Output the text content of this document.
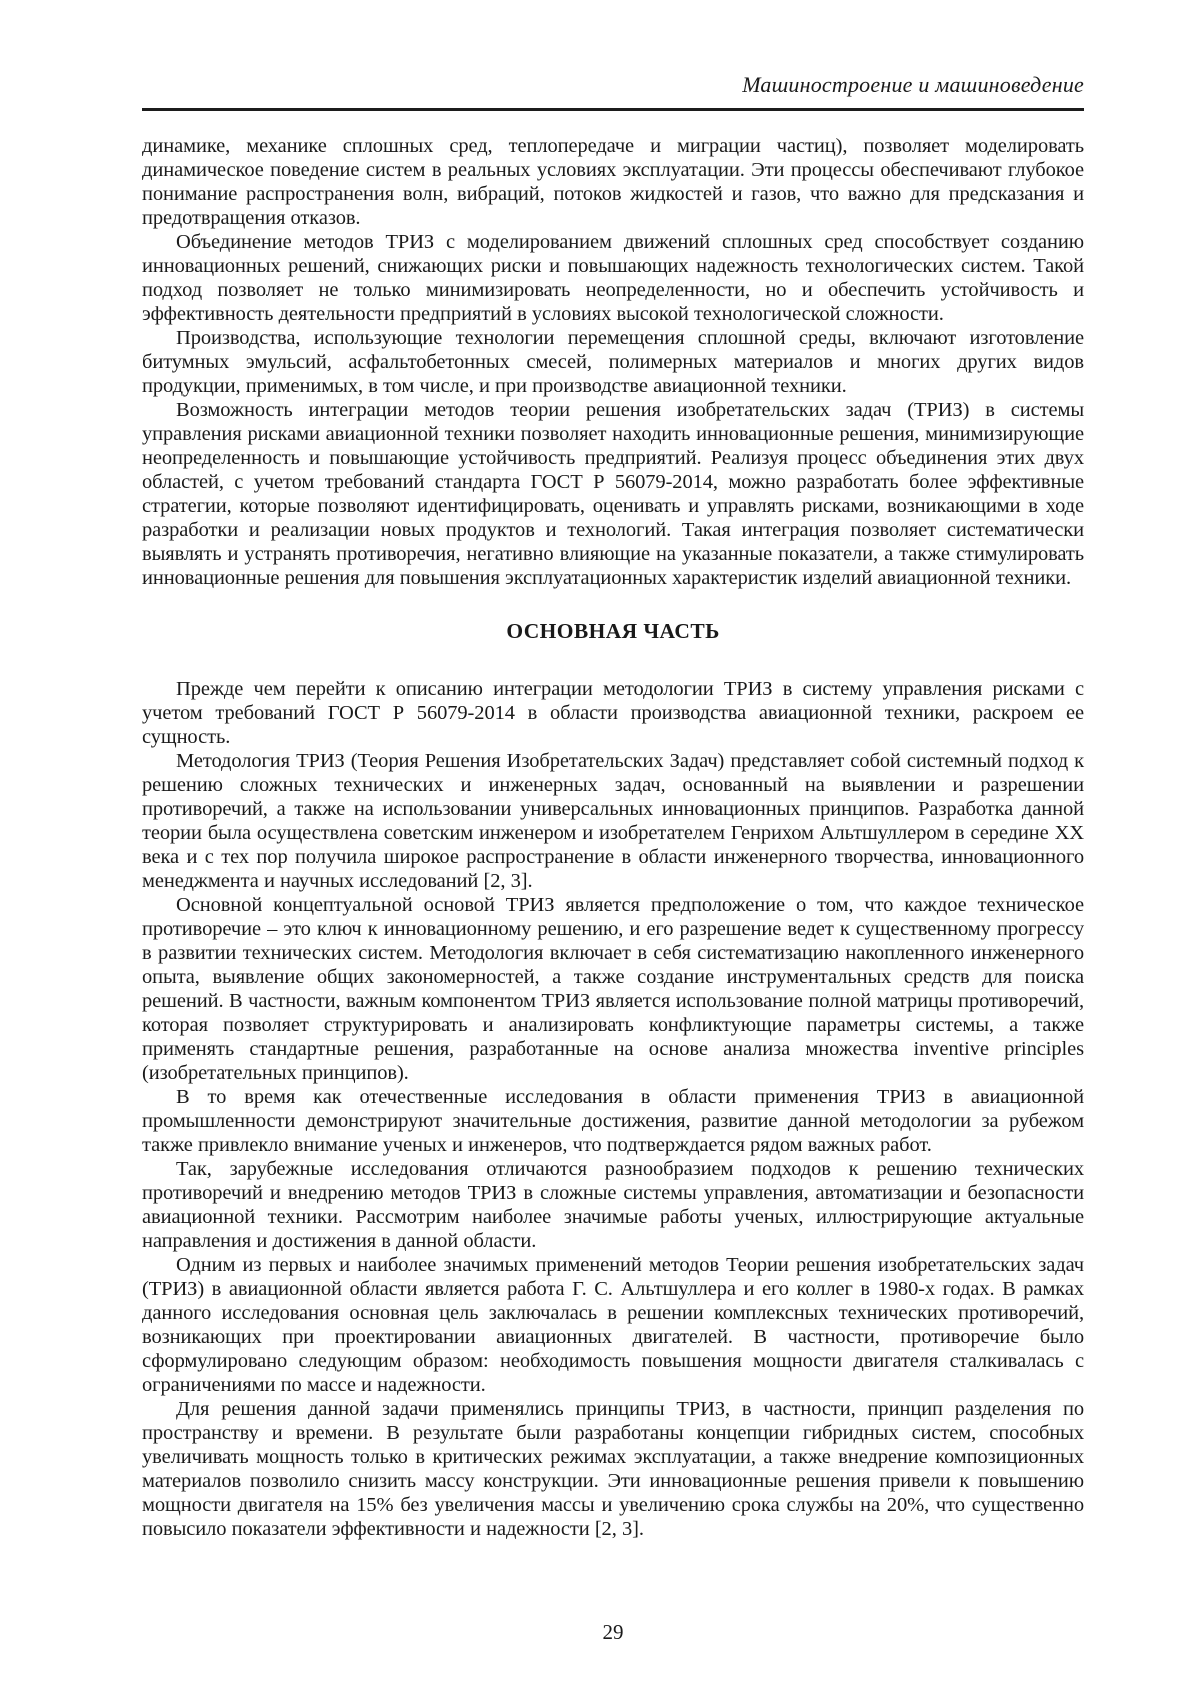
Машиностроение и машиноведение

динамике, механике сплошных сред, теплопередаче и миграции частиц), позволяет моделировать динамическое поведение систем в реальных условиях эксплуатации. Эти процессы обеспечивают глубокое понимание распространения волн, вибраций, потоков жидкостей и газов, что важно для предсказания и предотвращения отказов.

Объединение методов ТРИЗ с моделированием движений сплошных сред способствует созданию инновационных решений, снижающих риски и повышающих надежность технологических систем. Такой подход позволяет не только минимизировать неопределенности, но и обеспечить устойчивость и эффективность деятельности предприятий в условиях высокой технологической сложности.

Производства, использующие технологии перемещения сплошной среды, включают изготовление битумных эмульсий, асфальтобетонных смесей, полимерных материалов и многих других видов продукции, применимых, в том числе, и при производстве авиационной техники.

Возможность интеграции методов теории решения изобретательских задач (ТРИЗ) в системы управления рисками авиационной техники позволяет находить инновационные решения, минимизирующие неопределенность и повышающие устойчивость предприятий. Реализуя процесс объединения этих двух областей, с учетом требований стандарта ГОСТ Р 56079-2014, можно разработать более эффективные стратегии, которые позволяют идентифицировать, оценивать и управлять рисками, возникающими в ходе разработки и реализации новых продуктов и технологий. Такая интеграция позволяет систематически выявлять и устранять противоречия, негативно влияющие на указанные показатели, а также стимулировать инновационные решения для повышения эксплуатационных характеристик изделий авиационной техники.

ОСНОВНАЯ ЧАСТЬ

Прежде чем перейти к описанию интеграции методологии ТРИЗ в систему управления рисками с учетом требований ГОСТ Р 56079-2014 в области производства авиационной техники, раскроем ее сущность.

Методология ТРИЗ (Теория Решения Изобретательских Задач) представляет собой системный подход к решению сложных технических и инженерных задач, основанный на выявлении и разрешении противоречий, а также на использовании универсальных инновационных принципов. Разработка данной теории была осуществлена советским инженером и изобретателем Генрихом Альтшуллером в середине XX века и с тех пор получила широкое распространение в области инженерного творчества, инновационного менеджмента и научных исследований [2, 3].

Основной концептуальной основой ТРИЗ является предположение о том, что каждое техническое противоречие – это ключ к инновационному решению, и его разрешение ведет к существенному прогрессу в развитии технических систем. Методология включает в себя систематизацию накопленного инженерного опыта, выявление общих закономерностей, а также создание инструментальных средств для поиска решений. В частности, важным компонентом ТРИЗ является использование полной матрицы противоречий, которая позволяет структурировать и анализировать конфликтующие параметры системы, а также применять стандартные решения, разработанные на основе анализа множества inventive principles (изобретательных принципов).

В то время как отечественные исследования в области применения ТРИЗ в авиационной промышленности демонстрируют значительные достижения, развитие данной методологии за рубежом также привлекло внимание ученых и инженеров, что подтверждается рядом важных работ.

Так, зарубежные исследования отличаются разнообразием подходов к решению технических противоречий и внедрению методов ТРИЗ в сложные системы управления, автоматизации и безопасности авиационной техники. Рассмотрим наиболее значимые работы ученых, иллюстрирующие актуальные направления и достижения в данной области.

Одним из первых и наиболее значимых применений методов Теории решения изобретательских задач (ТРИЗ) в авиационной области является работа Г. С. Альтшуллера и его коллег в 1980-х годах. В рамках данного исследования основная цель заключалась в решении комплексных технических противоречий, возникающих при проектировании авиационных двигателей. В частности, противоречие было сформулировано следующим образом: необходимость повышения мощности двигателя сталкивалась с ограничениями по массе и надежности.

Для решения данной задачи применялись принципы ТРИЗ, в частности, принцип разделения по пространству и времени. В результате были разработаны концепции гибридных систем, способных увеличивать мощность только в критических режимах эксплуатации, а также внедрение композиционных материалов позволило снизить массу конструкции. Эти инновационные решения привели к повышению мощности двигателя на 15% без увеличения массы и увеличению срока службы на 20%, что существенно повысило показатели эффективности и надежности [2, 3].

29
